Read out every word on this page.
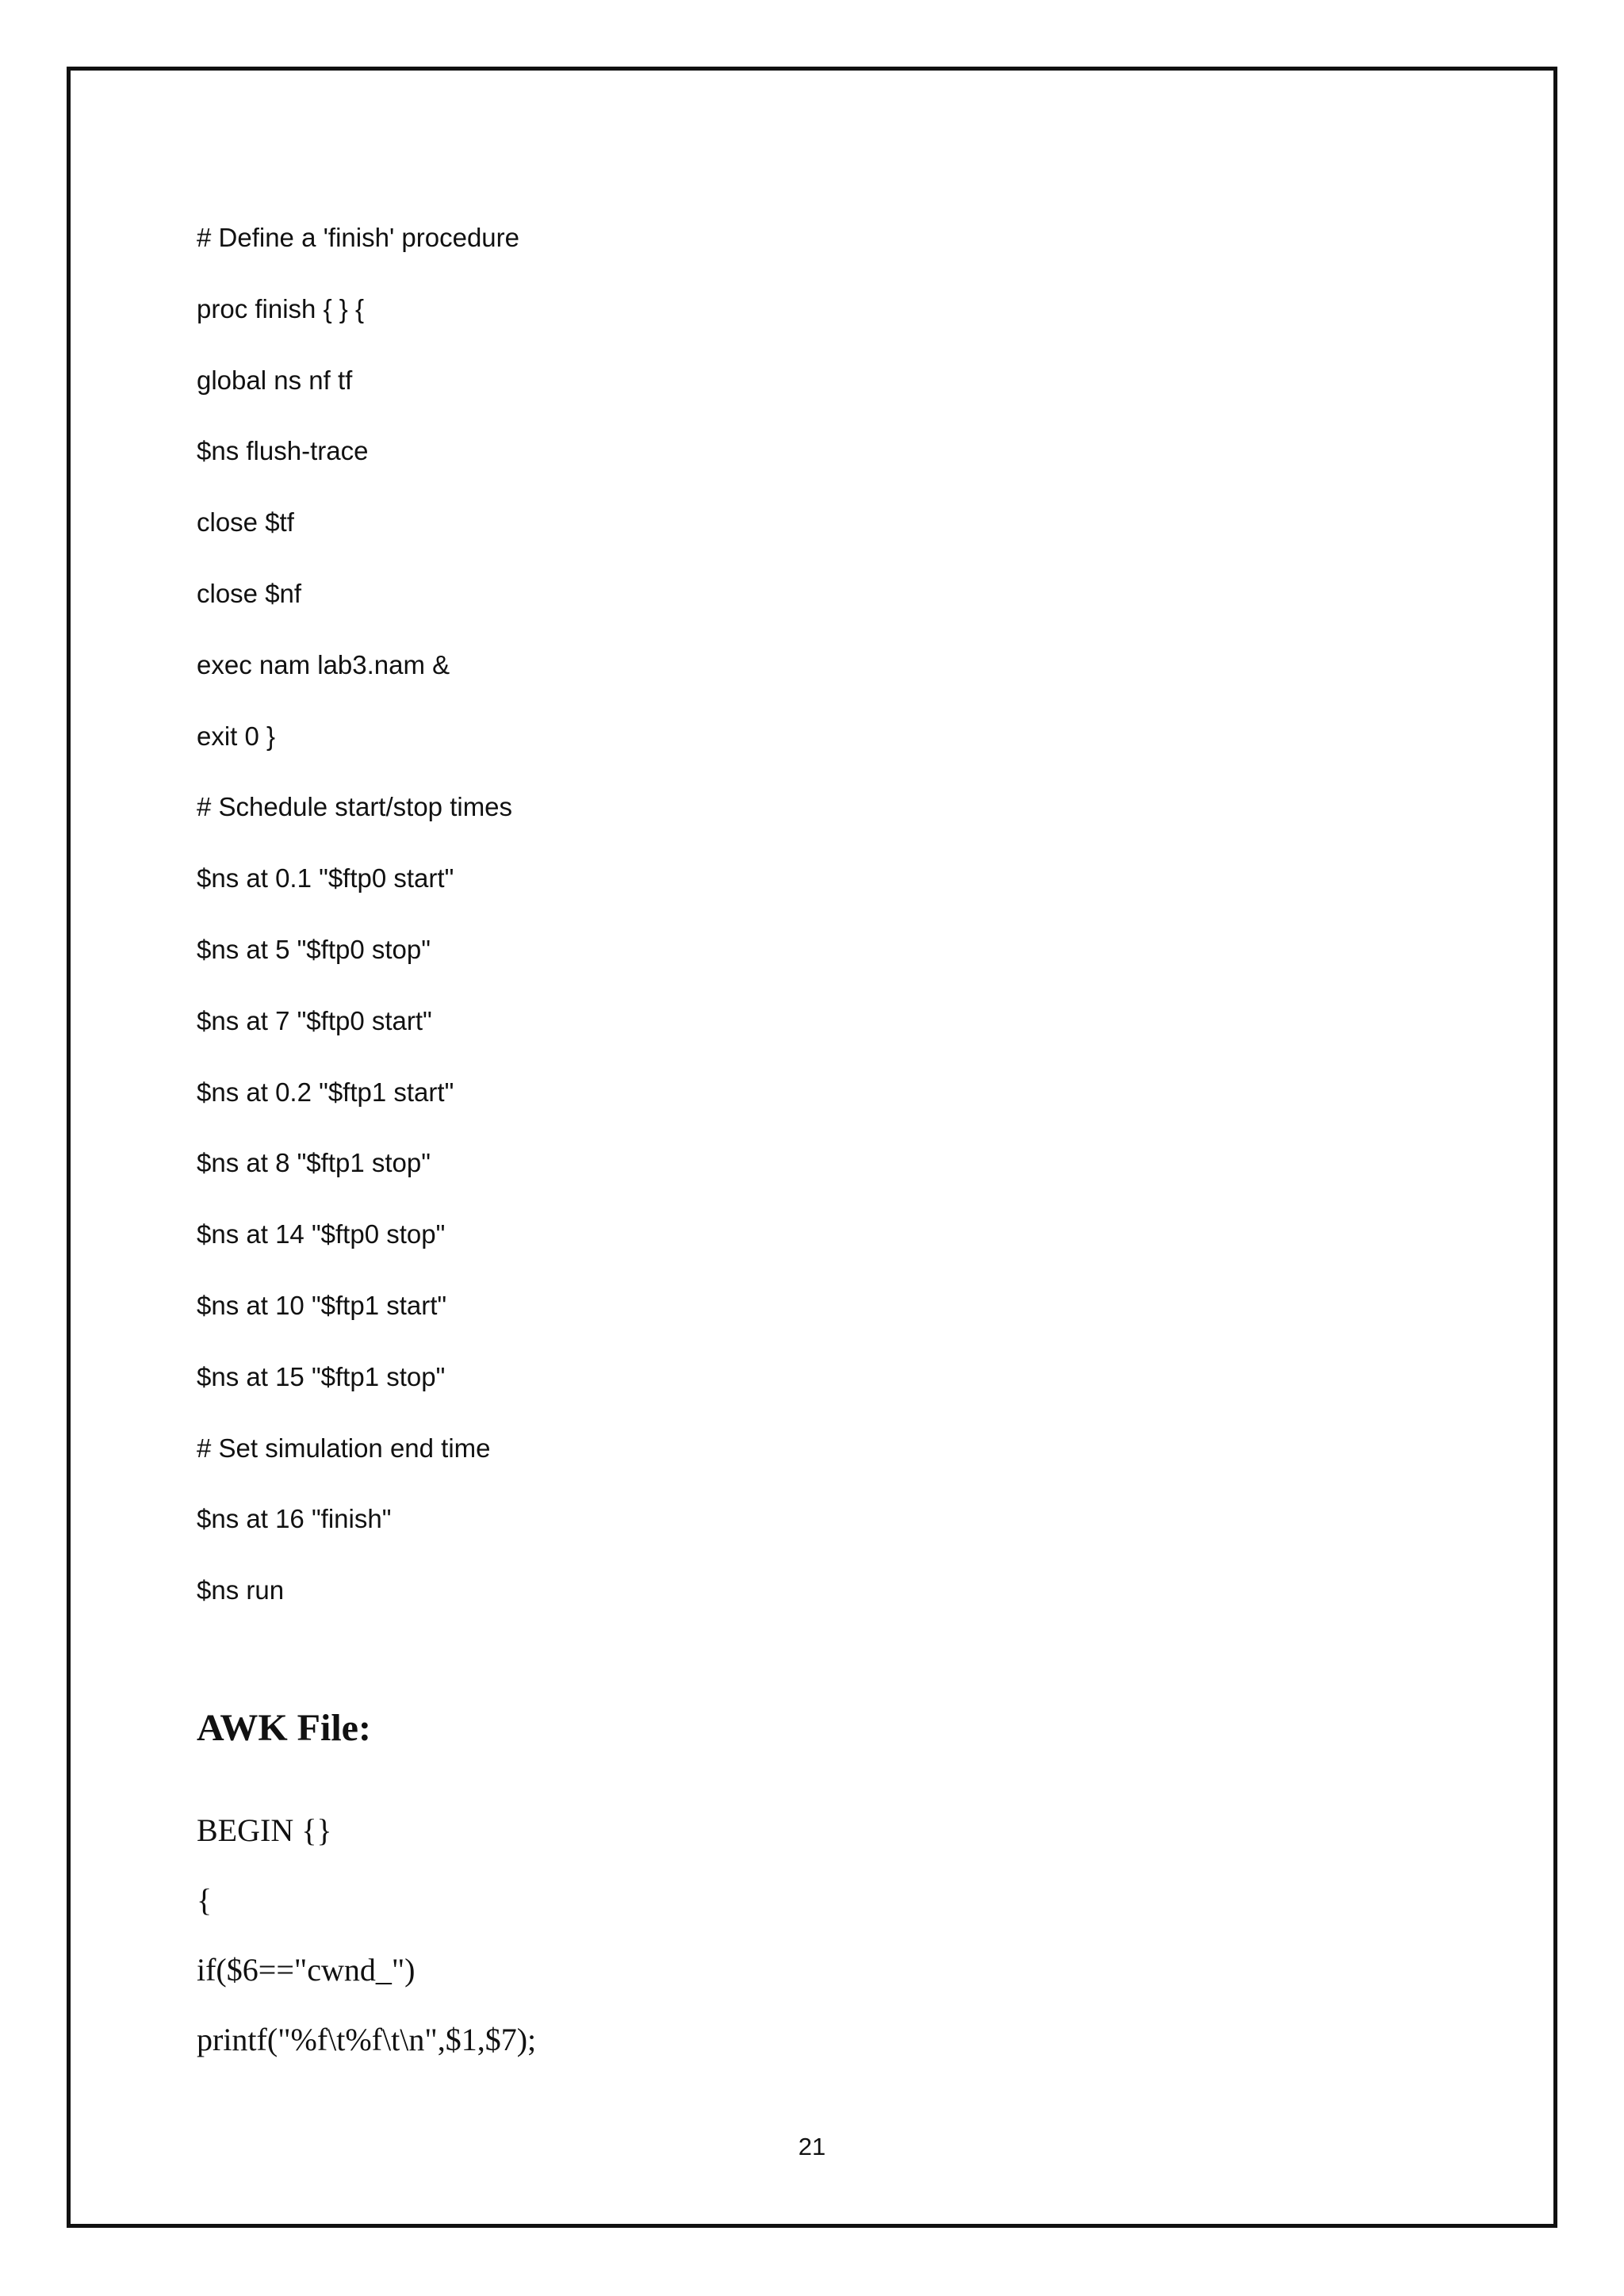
# Define a 'finish' procedure
proc finish { } {
global ns nf tf
$ns flush-trace
close $tf
close $nf
exec nam lab3.nam &
exit 0 }
# Schedule start/stop times
$ns at 0.1 "$ftp0 start"
$ns at 5 "$ftp0 stop"
$ns at 7 "$ftp0 start"
$ns at 0.2 "$ftp1 start"
$ns at 8 "$ftp1 stop"
$ns at 14 "$ftp0 stop"
$ns at 10 "$ftp1 start"
$ns at 15 "$ftp1 stop"
# Set simulation end time
$ns at 16 "finish"
$ns run
AWK File:
BEGIN {}
{
if($6=="cwnd_")
printf("%f\t%f\t\n",$1,$7);
21
